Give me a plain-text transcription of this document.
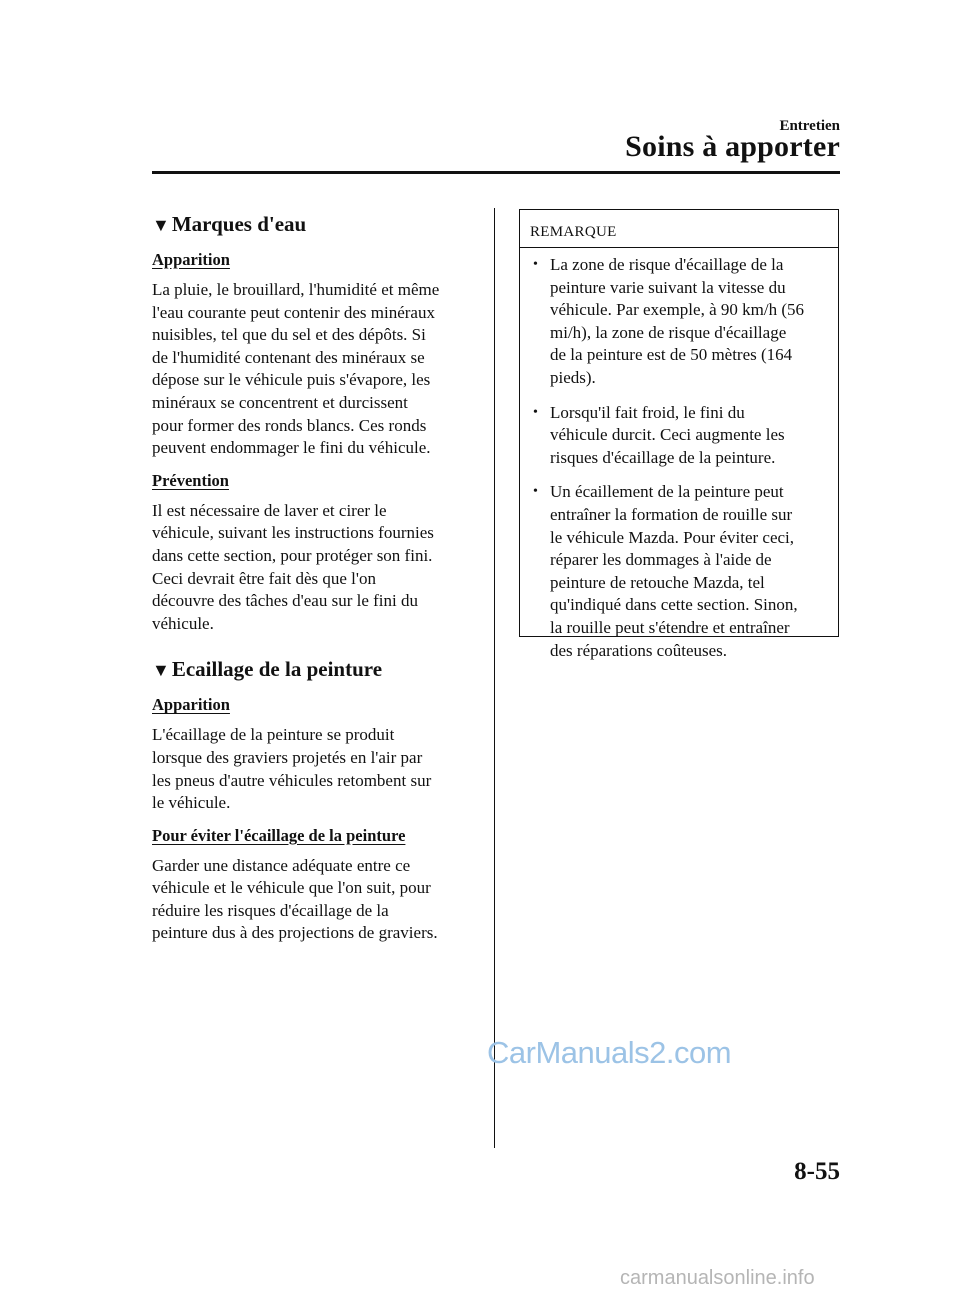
Entretien
Soins à apporter
▼Marques d'eau
Apparition
La pluie, le brouillard, l'humidité et même
l'eau courante peut contenir des minéraux
nuisibles, tel que du sel et des dépôts. Si
de l'humidité contenant des minéraux se
dépose sur le véhicule puis s'évapore, les
minéraux se concentrent et durcissent
pour former des ronds blancs. Ces ronds
peuvent endommager le fini du véhicule.
Prévention
Il est nécessaire de laver et cirer le
véhicule, suivant les instructions fournies
dans cette section, pour protéger son fini.
Ceci devrait être fait dès que l'on
découvre des tâches d'eau sur le fini du
véhicule.
▼Ecaillage de la peinture
Apparition
L'écaillage de la peinture se produit
lorsque des graviers projetés en l'air par
les pneus d'autre véhicules retombent sur
le véhicule.
Pour éviter l'écaillage de la peinture
Garder une distance adéquate entre ce
véhicule et le véhicule que l'on suit, pour
réduire les risques d'écaillage de la
peinture dus à des projections de graviers.
REMARQUE
• La zone de risque d'écaillage de la
peinture varie suivant la vitesse du
véhicule. Par exemple, à 90 km/h (56
mi/h), la zone de risque d'écaillage
de la peinture est de 50 mètres (164
pieds).
• Lorsqu'il fait froid, le fini du
véhicule durcit. Ceci augmente les
risques d'écaillage de la peinture.
• Un écaillement de la peinture peut
entraîner la formation de rouille sur
le véhicule Mazda. Pour éviter ceci,
réparer les dommages à l'aide de
peinture de retouche Mazda, tel
qu'indiqué dans cette section. Sinon,
la rouille peut s'étendre et entraîner
des réparations coûteuses.
CarManuals2.com
8-55
carmanualsonline.info
